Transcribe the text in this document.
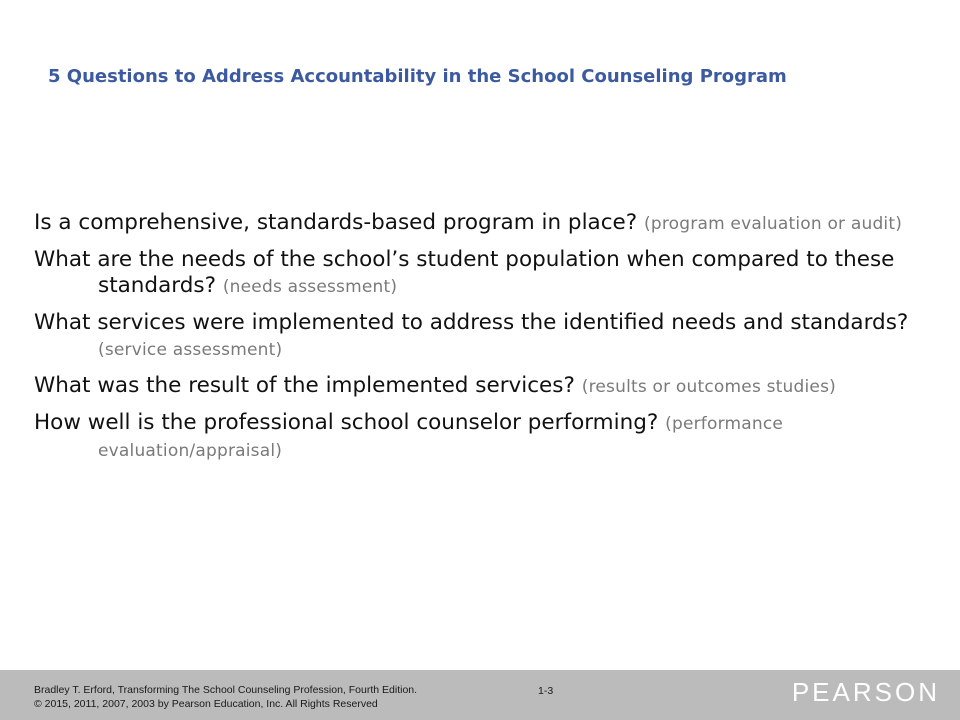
5 Questions to Address Accountability in the School Counseling Program
Is a comprehensive, standards-based program in place? (program evaluation or audit)
What are the needs of the school’s student population when compared to these standards? (needs assessment)
What services were implemented to address the identified needs and standards? (service assessment)
What was the result of the implemented services? (results or outcomes studies)
How well is the professional school counselor performing? (performance evaluation/appraisal)

Bradley T. Erford, Transforming The School Counseling Profession, Fourth Edition.
© 2015, 2011, 2007, 2003 by Pearson Education, Inc. All Rights Reserved

1-3	PEARSON
